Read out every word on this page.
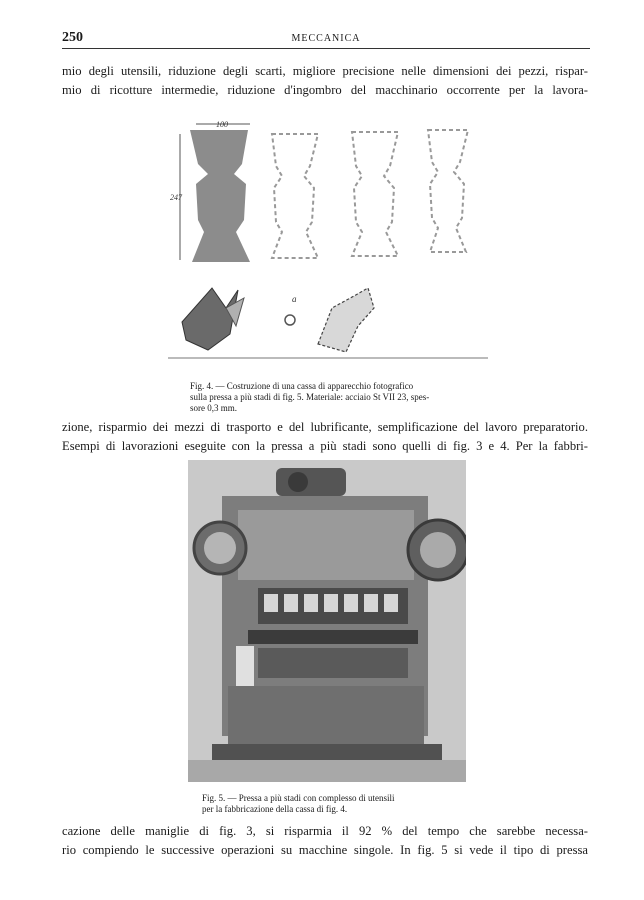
250	MECCANICA

mio degli utensili, riduzione degli scarti, migliore precisione nelle dimensioni dei pezzi, rispar-
mio di ricotture intermedie, riduzione d'ingombro del macchinario occorrente per la lavora-

100
247
a

Fig. 4. — Costruzione di una cassa di apparecchio fotografico
sulla pressa a più stadi di fig. 5. Materiale: acciaio St VII 23, spes-
sore 0,3 mm.

zione, risparmio dei mezzi di trasporto e del lubrificante, semplificazione del lavoro preparatorio.
Esempi di lavorazioni eseguite con la pressa a più stadi sono quelli di fig. 3 e 4. Per la fabbri-

Fig. 5. — Pressa a più stadi con complesso di utensili
per la fabbricazione della cassa di fig. 4.

cazione delle maniglie di fig. 3, si risparmia il 92 % del tempo che sarebbe necessa-
rio compiendo le successive operazioni su macchine singole. In fig. 5 si vede il tipo di pressa
